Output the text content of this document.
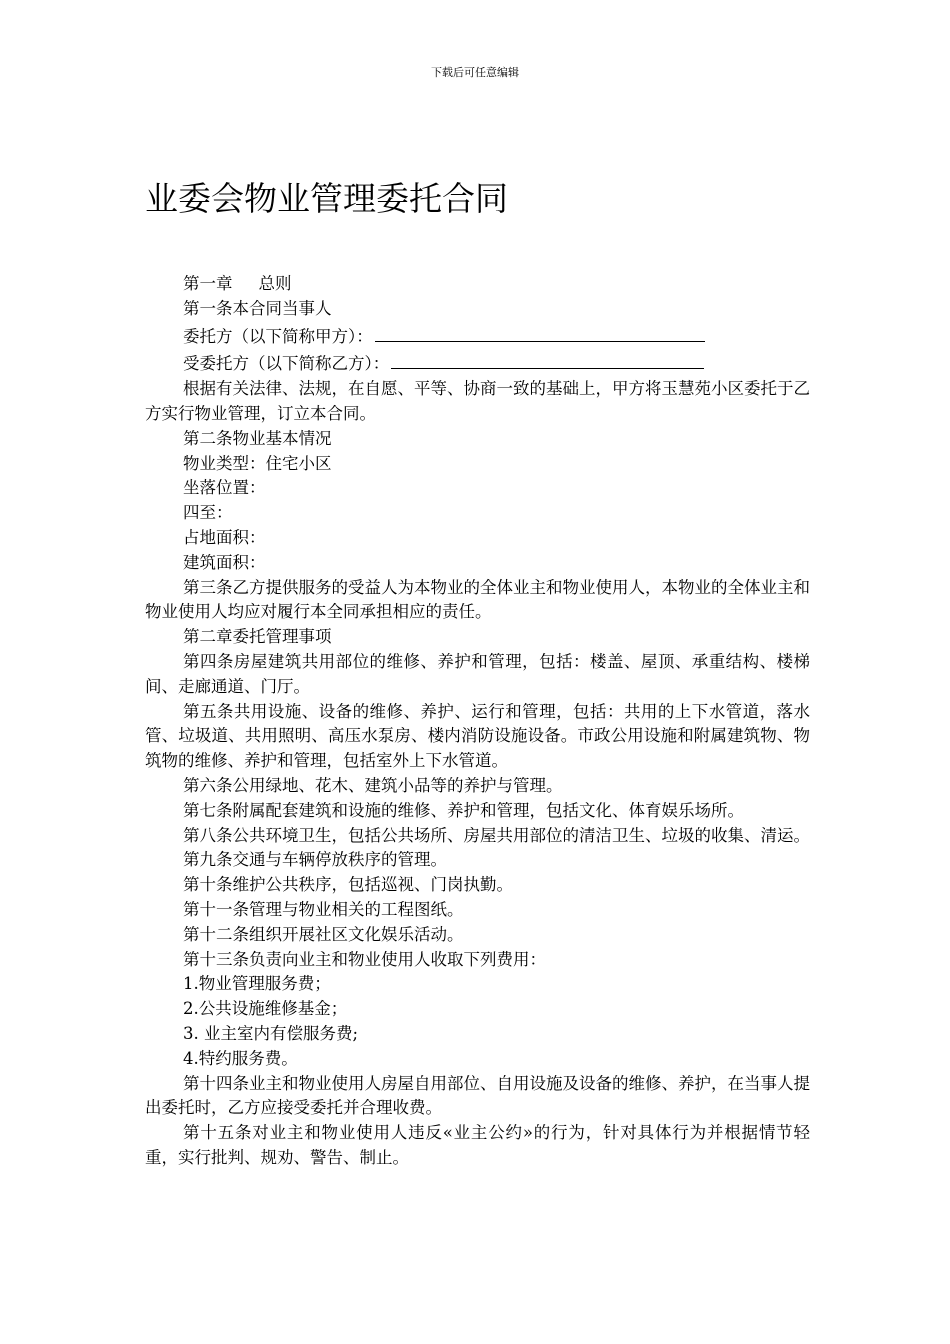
下载后可任意编辑
业委会物业管理委托合同

第一章 总则

第一条本合同当事人

委托方（以下简称甲方）：

受委托方（以下简称乙方）：

根据有关法律、法规，在自愿、平等、协商一致的基础上，甲方将玉慧苑小区委托于乙方实行物业管理，订立本合同。

第二条物业基本情况

物业类型：住宅小区

坐落位置：

四至：

占地面积：

建筑面积：

第三条乙方提供服务的受益人为本物业的全体业主和物业使用人，本物业的全体业主和物业使用人均应对履行本全同承担相应的责任。

第二章委托管理事项

第四条房屋建筑共用部位的维修、养护和管理，包括：楼盖、屋顶、承重结构、楼梯间、走廊通道、门厅。

第五条共用设施、设备的维修、养护、运行和管理，包括：共用的上下水管道，落水管、垃圾道、共用照明、高压水泵房、楼内消防设施设备。市政公用设施和附属建筑物、物筑物的维修、养护和管理，包括室外上下水管道。

第六条公用绿地、花木、建筑小品等的养护与管理。

第七条附属配套建筑和设施的维修、养护和管理，包括文化、体育娱乐场所。

第八条公共环境卫生，包括公共场所、房屋共用部位的清洁卫生、垃圾的收集、清运。

第九条交通与车辆停放秩序的管理。

第十条维护公共秩序，包括巡视、门岗执勤。

第十一条管理与物业相关的工程图纸。

第十二条组织开展社区文化娱乐活动。

第十三条负责向业主和物业使用人收取下列费用：

1.物业管理服务费；

2.公共设施维修基金；

3. 业主室内有偿服务费;

4.特约服务费。

第十四条业主和物业使用人房屋自用部位、自用设施及设备的维修、养护，在当事人提出委托时，乙方应接受委托并合理收费。

第十五条对业主和物业使用人违反«业主公约»的行为，针对具体行为并根据情节轻重，实行批判、规劝、警告、制止。
